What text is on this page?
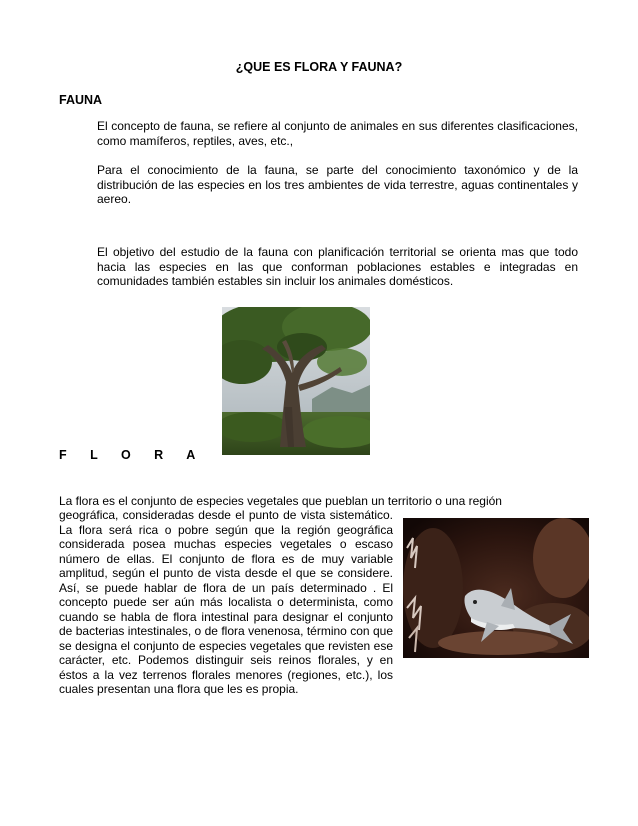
¿QUE ES FLORA Y FAUNA?
FAUNA

El concepto de fauna, se refiere al conjunto de animales en sus diferentes clasificaciones, como mamíferos, reptiles, aves, etc.,

Para el conocimiento de la fauna, se parte del conocimiento taxonómico y de la distribución de las especies en los tres ambientes de vida terrestre, aguas continentales y aereo.

El objetivo del estudio de la fauna con planificación territorial se orienta mas que todo hacia las especies en las que conforman poblaciones estables e integradas en comunidades también estables sin incluir los animales domésticos.

F L O R A

La flora es el conjunto de especies vegetales que pueblan un territorio o una región

geográfica, consideradas desde el punto de vista sistemático. La flora será rica o pobre según que la región geográfica considerada posea muchas especies vegetales o escaso número de ellas. El conjunto de flora es de muy variable amplitud, según el punto de vista desde el que se considere. Así, se puede hablar de flora de un país determinado . El concepto puede ser aún más localista o determinista, como cuando se habla de flora intestinal para designar el conjunto de bacterias intestinales, o de flora venenosa, término con que se designa el conjunto de especies vegetales que revisten ese carácter, etc. Podemos distinguir seis reinos florales, y en éstos a la vez terrenos florales menores (regiones, etc.), los cuales presentan una flora que les es propia.
